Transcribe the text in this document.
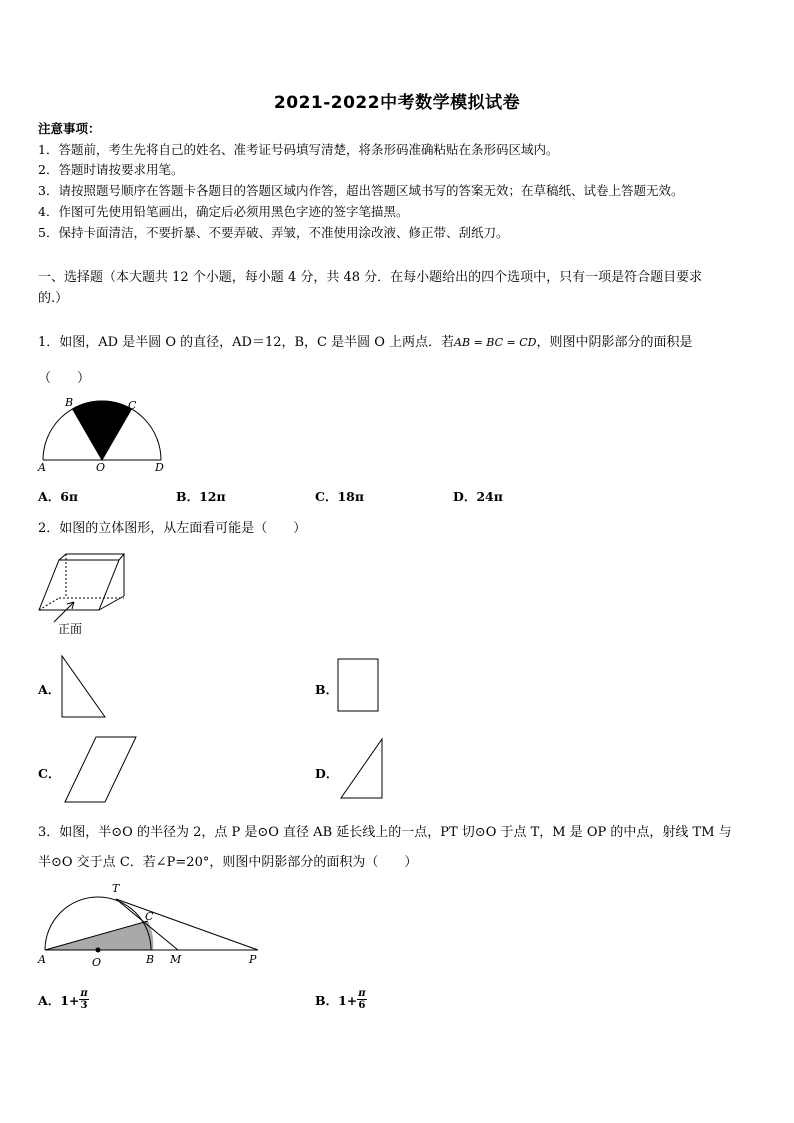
2021-2022中考数学模拟试卷
注意事项：
1．答题前，考生先将自己的姓名、准考证号码填写清楚，将条形码准确粘贴在条形码区域内。
2．答题时请按要求用笔。
3．请按照题号顺序在答题卡各题目的答题区域内作答，超出答题区域书写的答案无效；在草稿纸、试卷上答题无效。
4．作图可先使用铅笔画出，确定后必须用黑色字迹的签字笔描黑。
5．保持卡面清洁，不要折暴、不要弄破、弄皱，不准使用涂改液、修正带、刮纸刀。
一、选择题（本大题共 12 个小题，每小题 4 分，共 48 分．在每小题给出的四个选项中，只有一项是符合题目要求
的.）
1．如图，AD 是半圆 O 的直径，AD＝12，B，C 是半圆 O 上两点．若AB = BC = CD，则图中阴影部分的面积是
（　　）
B	C
A	O	D
A．6π	B．12π	C．18π	D．24π
2．如图的立体图形，从左面看可能是（　　）
正面
A．	B．
C．	D．
3．如图，半⊙O 的半径为 2，点 P 是⊙O 直径 AB 延长线上的一点，PT 切⊙O 于点 T，M 是 OP 的中点，射线 TM 与
半⊙O 交于点 C．若∠P=20°，则图中阴影部分的面积为（　　）
T
C
A	O	B M	P
A．$1+ \frac{\pi}{3}$	B．$1+ \frac{\pi}{6}$
